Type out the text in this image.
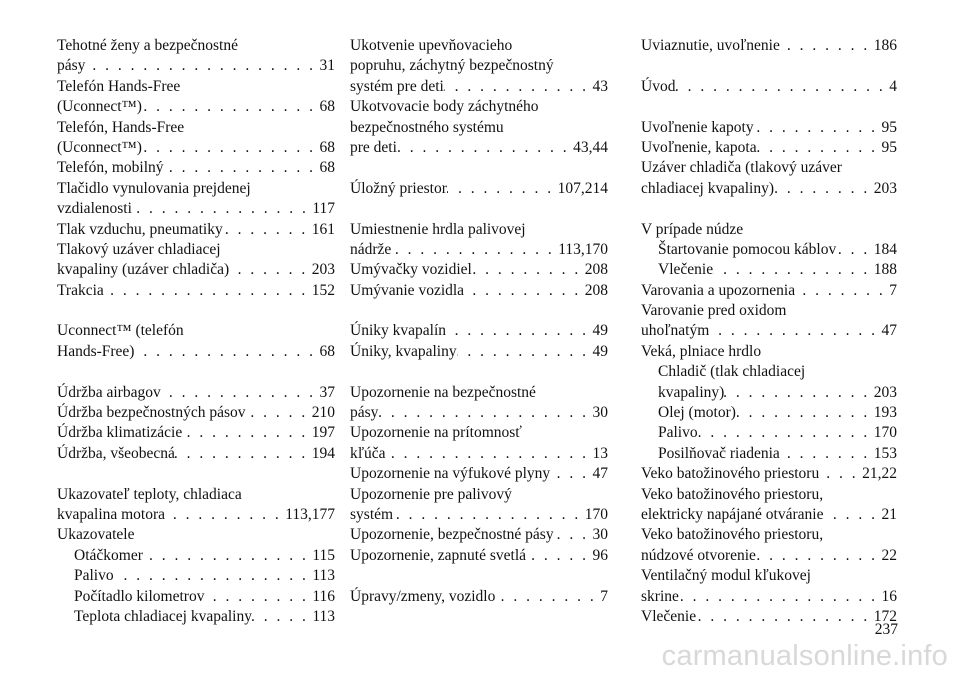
Tehotné ženy a bezpečnostné
pásy . . .	31
Telefón Hands-Free
(Uconnect™) . . .	68
Telefón, Hands-Free
(Uconnect™) . . .	68
Telefón, mobilný . . .	68
Tlačidlo vynulovania prejdenej
vzdialenosti . . .	117
Tlak vzduchu, pneumatiky . . .	161
Tlakový uzáver chladiacej
kvapaliny (uzáver chladiča) . . .	203
Trakcia . . .	152
Uconnect™ (telefón
Hands-Free) . . .	68
Údržba airbagov . . .	37
Údržba bezpečnostných pásov . . .	210
Údržba klimatizácie . . .	197
Údržba, všeobecná . . .	194
Ukazovateľ teploty, chladiaca
kvapalina motora . . .	113,177
Ukazovatele
Otáčkomer . . .	115
Palivo . . .	113
Počítadlo kilometrov . . .	116
Teplota chladiacej kvapaliny . . .	113
Ukotvenie upevňovacieho
popruhu, záchytný bezpečnostný
systém pre deti . . .	43
Ukotvovacie body záchytného
bezpečnostného systému
pre deti . . .	43,44
Úložný priestor . . .	107,214
Umiestnenie hrdla palivovej
nádrže . . .	113,170
Umývačky vozidiel . . .	208
Umývanie vozidla . . .	208
Úniky kvapalín . . .	49
Úniky, kvapaliny . . .	49
Upozornenie na bezpečnostné
pásy . . .	30
Upozornenie na prítomnosť
kľúča . . .	13
Upozornenie na výfukové plyny . . .	47
Upozornenie pre palivový
systém . . .	170
Upozornenie, bezpečnostné pásy . . .	30
Upozornenie, zapnuté svetlá . . .	96
Úpravy/zmeny, vozidlo . . .	7
Uviaznutie, uvoľnenie . . .	186
Úvod . . .	4
Uvoľnenie kapoty . . .	95
Uvoľnenie, kapota . . .	95
Uzáver chladiča (tlakový uzáver
chladiacej kvapaliny) . . .	203
V prípade núdze
Štartovanie pomocou káblov . . . 184
Vlečenie . . .	188
Varovania a upozornenia . . .	7
Varovanie pred oxidom
uhoľnatým . . .	47
Veká, plniace hrdlo
Chladič (tlak chladiacej
kvapaliny) . . .	203
Olej (motor) . . .	193
Palivo . . .	170
Posilňovač riadenia . . .	153
Veko batožinového priestoru . . .	21,22
Veko batožinového priestoru,
elektricky napájané otváranie . . .	21
Veko batožinového priestoru,
núdzové otvorenie . . .	22
Ventilačný modul kľukovej
skrine . . .	16
Vlečenie . . .	172
237
carmanualsonline.info
